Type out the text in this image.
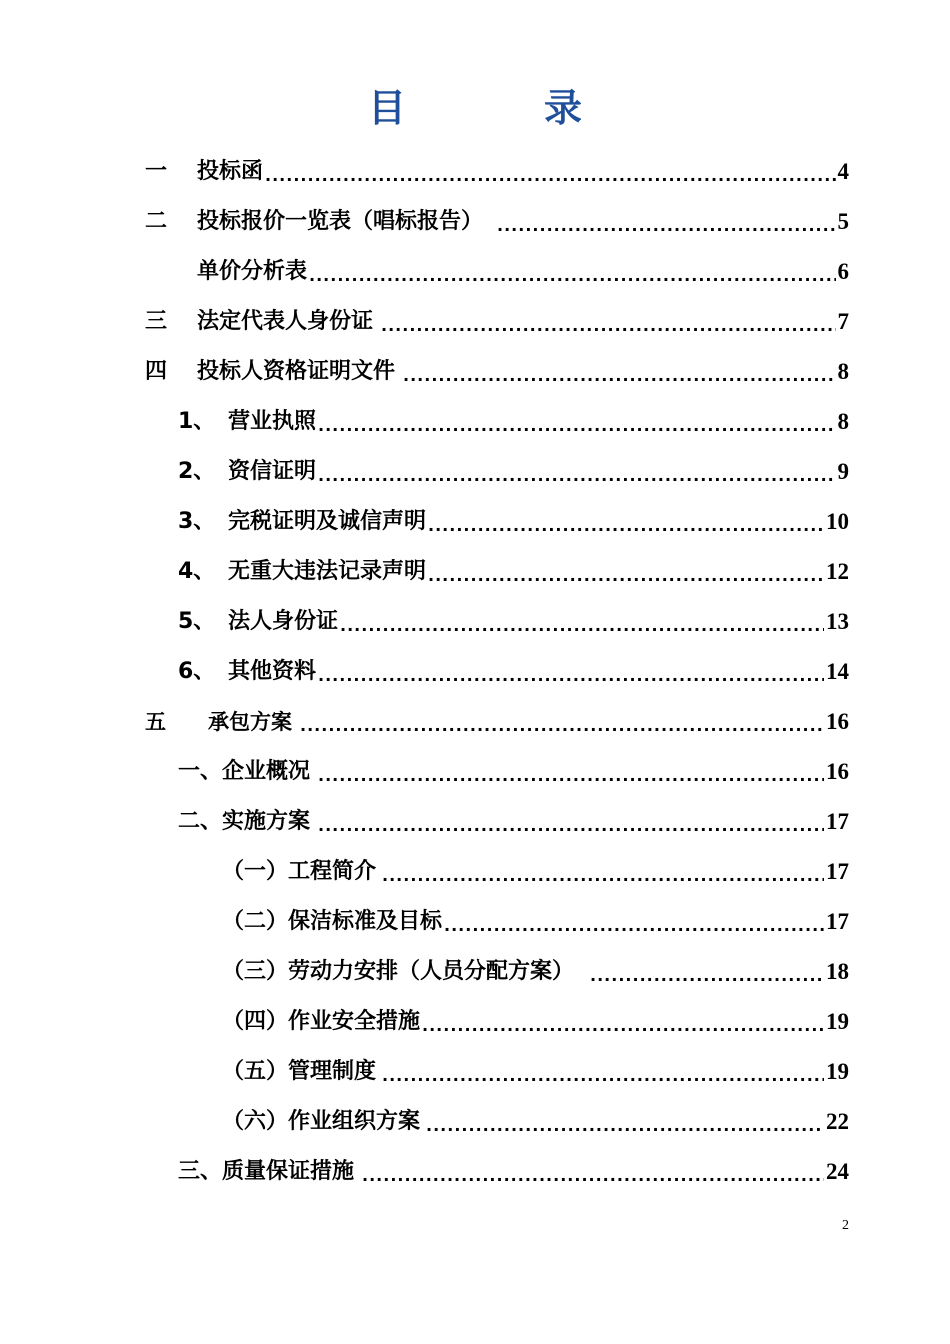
目　录
一	投标函 .....	4
二	投标报价一览表（唱标报告） .....	5
单价分析表 .....	6
三	法定代表人身份证 .....	7
四	投标人资格证明文件 .....	8
1、 营业执照 .....	8
2、 资信证明 .....	9
3、 完税证明及诚信声明 .....	10
4、 无重大违法记录声明 .....	12
5、 法人身份证 .....	13
6、 其他资料 .....	14
五	承包方案 .....	16
一、企业概况 .....	16
二、实施方案 .....	17
（一）工程简介 .....	17
（二）保洁标准及目标 .....	17
（三）劳动力安排（人员分配方案） .....	18
（四）作业安全措施 .....	19
（五）管理制度 .....	19
（六）作业组织方案 .....	22
三、质量保证措施 .....	24
2
